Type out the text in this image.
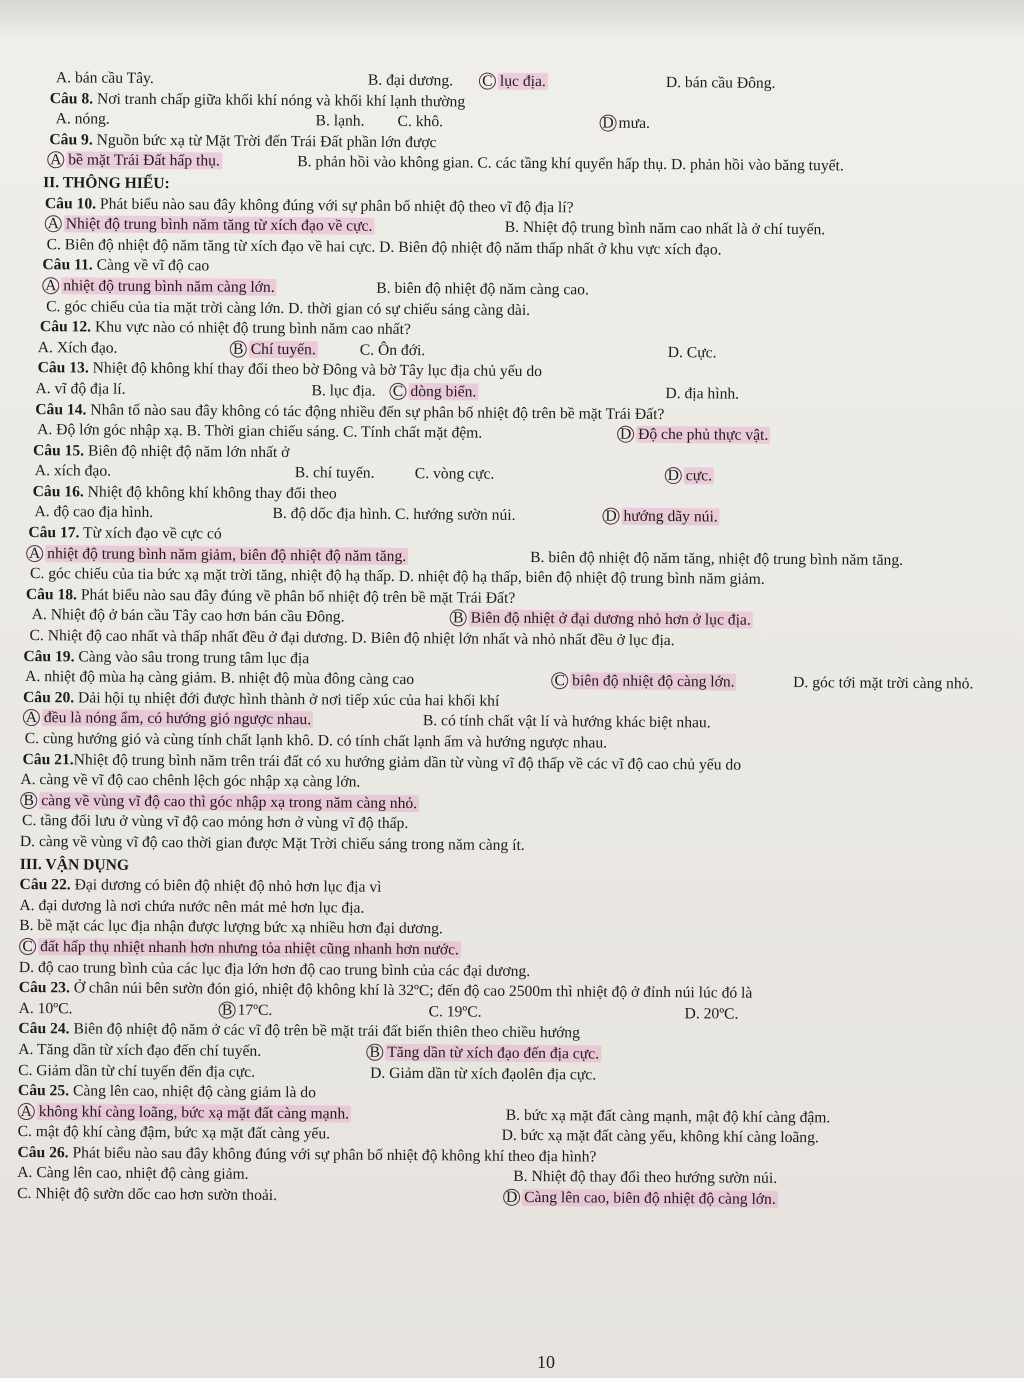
A. bán cầu Tây.	B. đại dương. C lục địa.	D. bán cầu Đông.
Câu 8. Nơi tranh chấp giữa khối khí nóng và khối khí lạnh thường
A. nóng.	B. lạnh. C. khô.	D mưa.
Câu 9. Nguồn bức xạ từ Mặt Trời đến Trái Đất phần lớn được
A bề mặt Trái Đất hấp thụ.	B. phản hồi vào không gian. C. các tầng khí quyển hấp thụ. D. phản hồi vào băng tuyết.
II. THÔNG HIỂU:
Câu 10. Phát biểu nào sau đây không đúng với sự phân bố nhiệt độ theo vĩ độ địa lí?
A Nhiệt độ trung bình năm tăng từ xích đạo về cực.	B. Nhiệt độ trung bình năm cao nhất là ở chí tuyến.
C. Biên độ nhiệt độ năm tăng từ xích đạo về hai cực. D. Biên độ nhiệt độ năm thấp nhất ở khu vực xích đạo.
Câu 11. Càng về vĩ độ cao
A nhiệt độ trung bình năm càng lớn.	B. biên độ nhiệt độ năm càng cao.
C. góc chiếu của tia mặt trời càng lớn. D. thời gian có sự chiếu sáng càng dài.
Câu 12. Khu vực nào có nhiệt độ trung bình năm cao nhất?
A. Xích đạo.	B Chí tuyến.	C. Ôn đới.	D. Cực.
Câu 13. Nhiệt độ không khí thay đổi theo bờ Đông và bờ Tây lục địa chủ yếu do
A. vĩ độ địa lí.	B. lục địa. C dòng biển.	D. địa hình.
Câu 14. Nhân tố nào sau đây không có tác động nhiều đến sự phân bố nhiệt độ trên bề mặt Trái Đất?
A. Độ lớn góc nhập xạ. B. Thời gian chiếu sáng. C. Tính chất mặt đệm.	D Độ che phủ thực vật.
Câu 15. Biên độ nhiệt độ năm lớn nhất ở
A. xích đạo.	B. chí tuyến.	C. vòng cực.	D cực.
Câu 16. Nhiệt độ không khí không thay đổi theo
A. độ cao địa hình.	B. độ dốc địa hình. C. hướng sườn núi.	D hướng dãy núi.
Câu 17. Từ xích đạo về cực có
A nhiệt độ trung bình năm giảm, biên độ nhiệt độ năm tăng.	B. biên độ nhiệt độ năm tăng, nhiệt độ trung bình năm tăng.
C. góc chiếu của tia bức xạ mặt trời tăng, nhiệt độ hạ thấp. D. nhiệt độ hạ thấp, biên độ nhiệt độ trung bình năm giảm.
Câu 18. Phát biểu nào sau đây đúng về phân bố nhiệt độ trên bề mặt Trái Đất?
A. Nhiệt độ ở bán cầu Tây cao hơn bán cầu Đông.	B Biên độ nhiệt ở đại dương nhỏ hơn ở lục địa.
C. Nhiệt độ cao nhất và thấp nhất đều ở đại dương. D. Biên độ nhiệt lớn nhất và nhỏ nhất đều ở lục địa.
Câu 19. Càng vào sâu trong trung tâm lục địa
A. nhiệt độ mùa hạ càng giảm. B. nhiệt độ mùa đông càng cao	C biên độ nhiệt độ càng lớn.	D. góc tới mặt trời càng nhỏ.
Câu 20. Dải hội tụ nhiệt đới được hình thành ở nơi tiếp xúc của hai khối khí
A đều là nóng ẩm, có hướng gió ngược nhau.	B. có tính chất vật lí và hướng khác biệt nhau.
C. cùng hướng gió và cùng tính chất lạnh khô. D. có tính chất lạnh ẩm và hướng ngược nhau.
Câu 21.Nhiệt độ trung bình năm trên trái đất có xu hướng giảm dần từ vùng vĩ độ thấp về các vĩ độ cao chủ yếu do
A. càng về vĩ độ cao chênh lệch góc nhập xạ càng lớn.
B càng về vùng vĩ độ cao thì góc nhập xạ trong năm càng nhỏ.
C. tầng đối lưu ở vùng vĩ độ cao mỏng hơn ở vùng vĩ độ thấp.
D. càng về vùng vĩ độ cao thời gian được Mặt Trời chiếu sáng trong năm càng ít.
III. VẬN DỤNG
Câu 22. Đại dương có biên độ nhiệt độ nhỏ hơn lục địa vì
A. đại dương là nơi chứa nước nên mát mẻ hơn lục địa.
B. bề mặt các lục địa nhận được lượng bức xạ nhiều hơn đại dương.
C đất hấp thụ nhiệt nhanh hơn nhưng tỏa nhiệt cũng nhanh hơn nước.
D. độ cao trung bình của các lục địa lớn hơn độ cao trung bình của các đại dương.
Câu 23. Ở chân núi bên sườn đón gió, nhiệt độ không khí là 32ºC; đến độ cao 2500m thì nhiệt độ ở đỉnh núi lúc đó là
A. 10ºC.	B 17ºC.	C. 19ºC.	D. 20ºC.
Câu 24. Biên độ nhiệt độ năm ở các vĩ độ trên bề mặt trái đất biến thiên theo chiều hướng
A. Tăng dần từ xích đạo đến chí tuyến.	B Tăng dần từ xích đạo đến địa cực.
C. Giảm dần từ chí tuyến đến địa cực.	D. Giảm dần từ xích đạolên địa cực.
Câu 25. Càng lên cao, nhiệt độ càng giảm là do
A không khí càng loãng, bức xạ mặt đất càng mạnh.	B. bức xạ mặt đất càng mạnh, mật độ khí càng đậm.
C. mật độ khí càng đậm, bức xạ mặt đất càng yếu.	D. bức xạ mặt đất càng yếu, không khí càng loãng.
Câu 26. Phát biểu nào sau đây không đúng với sự phân bố nhiệt độ không khí theo địa hình?
A. Càng lên cao, nhiệt độ càng giảm.	B. Nhiệt độ thay đổi theo hướng sườn núi.
C. Nhiệt độ sườn dốc cao hơn sườn thoải.	D Càng lên cao, biên độ nhiệt độ càng lớn.
10
